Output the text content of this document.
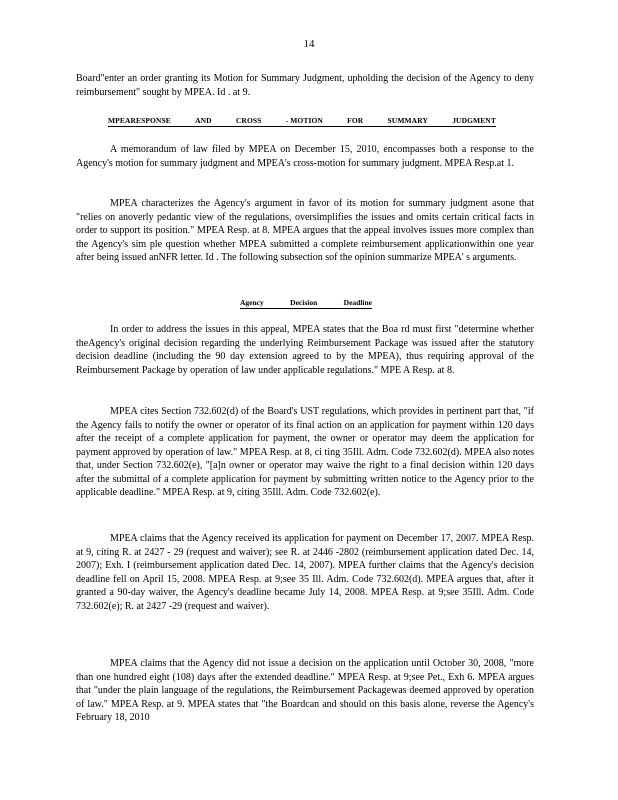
14

Board"enter an order granting its Motion for Summary Judgment, upholding the decision of the Agency to deny reimbursement" sought by MPEA. Id . at 9.

MPEARESPONSE	AND	CROSS	- MOTION	FOR	SUMMARY	JUDGMENT

A memorandum of law filed by MPEA on December 15, 2010, encompasses both a response to the Agency's motion for summary judgment and MPEA's cross-motion for summary judgment. MPEA Resp.at 1.

MPEA characterizes the Agency's argument in favor of its motion for summary judgment asone that "relies on anoverly pedantic view of the regulations, oversimplifies the issues and omits certain critical facts in order to support its position." MPEA Resp. at 8. MPEA argues that the appeal involves issues more complex than the Agency's sim ple question whether MPEA submitted a complete reimbursement applicationwithin one year after being issued anNFR letter. Id . The following subsection sof the opinion summarize MPEA' s arguments.

Agency	Decision	Deadline

In order to address the issues in this appeal, MPEA states that the Boa rd must first "determine whether theAgency's original decision regarding the underlying Reimbursement Package was issued after the statutory decision deadline (including the 90 day extension agreed to by the MPEA), thus requiring approval of the Reimbursement Package by operation of law under applicable regulations." MPE A Resp. at 8.

MPEA cites Section 732.602(d) of the Board's UST regulations, which provides in pertinent part that, "if the Agency fails to notify the owner or operator of its final action on an application for payment within 120 days after the receipt of a complete application for payment, the owner or operator may deem the application for payment approved by operation of law." MPEA Resp. at 8, ci ting 35Ill. Adm. Code 732.602(d). MPEA also notes that, under Section 732.602(e), "[a]n owner or operator may waive the right to a final decision within 120 days after the submittal of a complete application for payment by submitting written notice to the Agency prior to the applicable deadline." MPEA Resp. at 9, citing 35Ill. Adm. Code 732.602(e).

MPEA claims that the Agency received its application for payment on December 17, 2007. MPEA Resp. at 9, citing R. at 2427 - 29 (request and waiver); see R. at 2446 -2802 (reimbursement application dated Dec. 14, 2007); Exh. I (reimbursement application dated Dec. 14, 2007). MPEA further claims that the Agency's decision deadline fell on April 15, 2008. MPEA Resp. at 9;see 35 Ill. Adm. Code 732.602(d). MPEA argues that, after it granted a 90-day waiver, the Agency's deadline became July 14, 2008. MPEA Resp. at 9;see 35Ill. Adm. Code 732.602(e); R. at 2427 -29 (request and waiver).

MPEA claims that the Agency did not issue a decision on the application until October 30, 2008, "more than one hundred eight (108) days after the extended deadline." MPEA Resp. at 9;see Pet., Exh 6. MPEA argues that "under the plain language of the regulations, the Reimbursement Packagewas deemed approved by operation of law." MPEA Resp. at 9. MPEA states that "the Boardcan and should on this basis alone, reverse the Agency's February 18, 2010
